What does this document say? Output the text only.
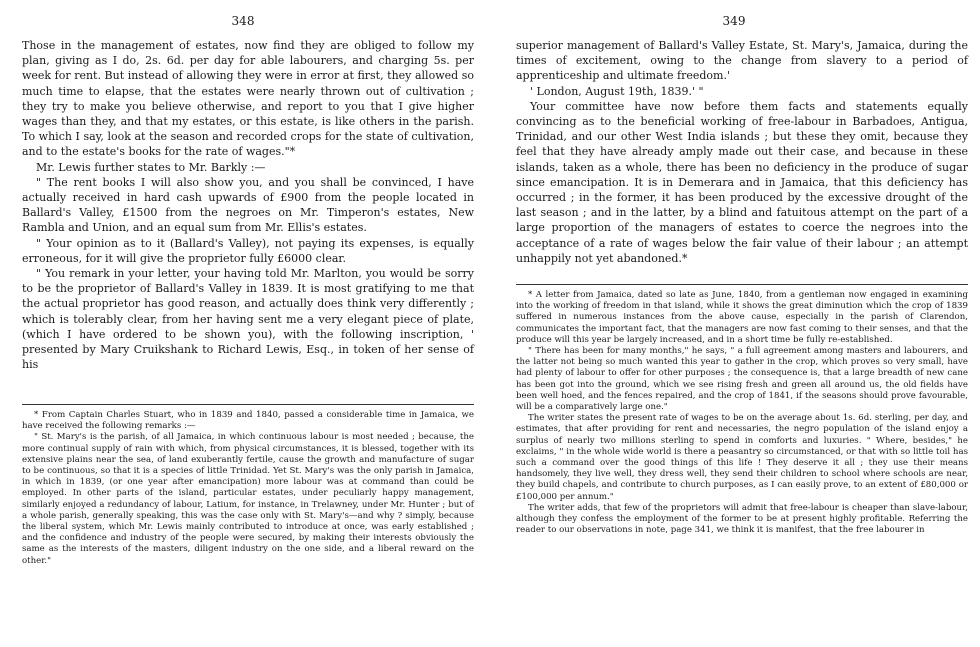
348

Those in the management of estates, now find they are obliged to follow my plan, giving as I do, 2s. 6d. per day for able labourers, and charging 5s. per week for rent. But instead of allowing they were in error at first, they allowed so much time to elapse, that the estates were nearly thrown out of cultivation ; they try to make you believe otherwise, and report to you that I give higher wages than they, and that my estates, or this estate, is like others in the parish. To which I say, look at the season and recorded crops for the state of cultivation, and to the estate's books for the rate of wages."*

Mr. Lewis further states to Mr. Barkly :—

" The rent books I will also show you, and you shall be convinced, I have actually received in hard cash upwards of £900 from the people located in Ballard's Valley, £1500 from the negroes on Mr. Timperon's estates, New Rambla and Union, and an equal sum from Mr. Ellis's estates.

" Your opinion as to it (Ballard's Valley), not paying its expenses, is equally erroneous, for it will give the proprietor fully £6000 clear.

" You remark in your letter, your having told Mr. Marlton, you would be sorry to be the proprietor of Ballard's Valley in 1839. It is most gratifying to me that the actual proprietor has good reason, and actually does think very differently ; which is tolerably clear, from her having sent me a very elegant piece of plate, (which I have ordered to be shown you), with the following inscription, ' presented by Mary Cruikshank to Richard Lewis, Esq., in token of her sense of his

* From Captain Charles Stuart, who in 1839 and 1840, passed a considerable time in Jamaica, we have received the following remarks :—

" St. Mary's is the parish, of all Jamaica, in which continuous labour is most needed ; because, the more continual supply of rain with which, from physical circumstances, it is blessed, together with its extensive plains near the sea, of land exuberantly fertile, cause the growth and manufacture of sugar to be continuous, so that it is a species of little Trinidad. Yet St. Mary's was the only parish in Jamaica, in which in 1839, (or one year after emancipation) more labour was at command than could be employed. In other parts of the island, particular estates, under peculiarly happy management, similarly enjoyed a redundancy of labour, Latium, for instance, in Trelawney, under Mr. Hunter ; but of a whole parish, generally speaking, this was the case only with St. Mary's—and why ? simply, because the liberal system, which Mr. Lewis mainly contributed to introduce at once, was early established ; and the confidence and industry of the people were secured, by making their interests obviously the same as the interests of the masters, diligent industry on the one side, and a liberal reward on the other."

349

superior management of Ballard's Valley Estate, St. Mary's, Jamaica, during the times of excitement, owing to the change from slavery to a period of apprenticeship and ultimate freedom.'

' London, August 19th, 1839.' "

Your committee have now before them facts and statements equally convincing as to the beneficial working of free-labour in Barbadoes, Antigua, Trinidad, and our other West India islands ; but these they omit, because they feel that they have already amply made out their case, and because in these islands, taken as a whole, there has been no deficiency in the produce of sugar since emancipation. It is in Demerara and in Jamaica, that this deficiency has occurred ; in the former, it has been produced by the excessive drought of the last season ; and in the latter, by a blind and fatuitous attempt on the part of a large proportion of the managers of estates to coerce the negroes into the acceptance of a rate of wages below the fair value of their labour ; an attempt unhappily not yet abandoned.*

* A letter from Jamaica, dated so late as June, 1840, from a gentleman now engaged in examining into the working of freedom in that island, while it shows the great diminution which the crop of 1839 suffered in numerous instances from the above cause, especially in the parish of Clarendon, communicates the important fact, that the managers are now fast coming to their senses, and that the produce will this year be largely increased, and in a short time be fully re-established.

" There has been for many months," he says, " a full agreement among masters and labourers, and the latter not being so much wanted this year to gather in the crop, which proves so very small, have had plenty of labour to offer for other purposes ; the consequence is, that a large breadth of new cane has been got into the ground, which we see rising fresh and green all around us, the old fields have been well hoed, and the fences repaired, and the crop of 1841, if the seasons should prove favourable, will be a comparatively large one."

The writer states the present rate of wages to be on the average about 1s. 6d. sterling, per day, and estimates, that after providing for rent and necessaries, the negro population of the island enjoy a surplus of nearly two millions sterling to spend in comforts and luxuries. " Where, besides," he exclaims, " in the whole wide world is there a peasantry so circumstanced, or that with so little toil has such a command over the good things of this life ! They deserve it all ; they use their means handsomely, they live well, they dress well, they send their children to school where schools are near, they build chapels, and contribute to church purposes, as I can easily prove, to an extent of £80,000 or £100,000 per annum."

The writer adds, that few of the proprietors will admit that free-labour is cheaper than slave-labour, although they confess the employment of the former to be at present highly profitable. Referring the reader to our observations in note, page 341, we think it is manifest, that the free labourer in
